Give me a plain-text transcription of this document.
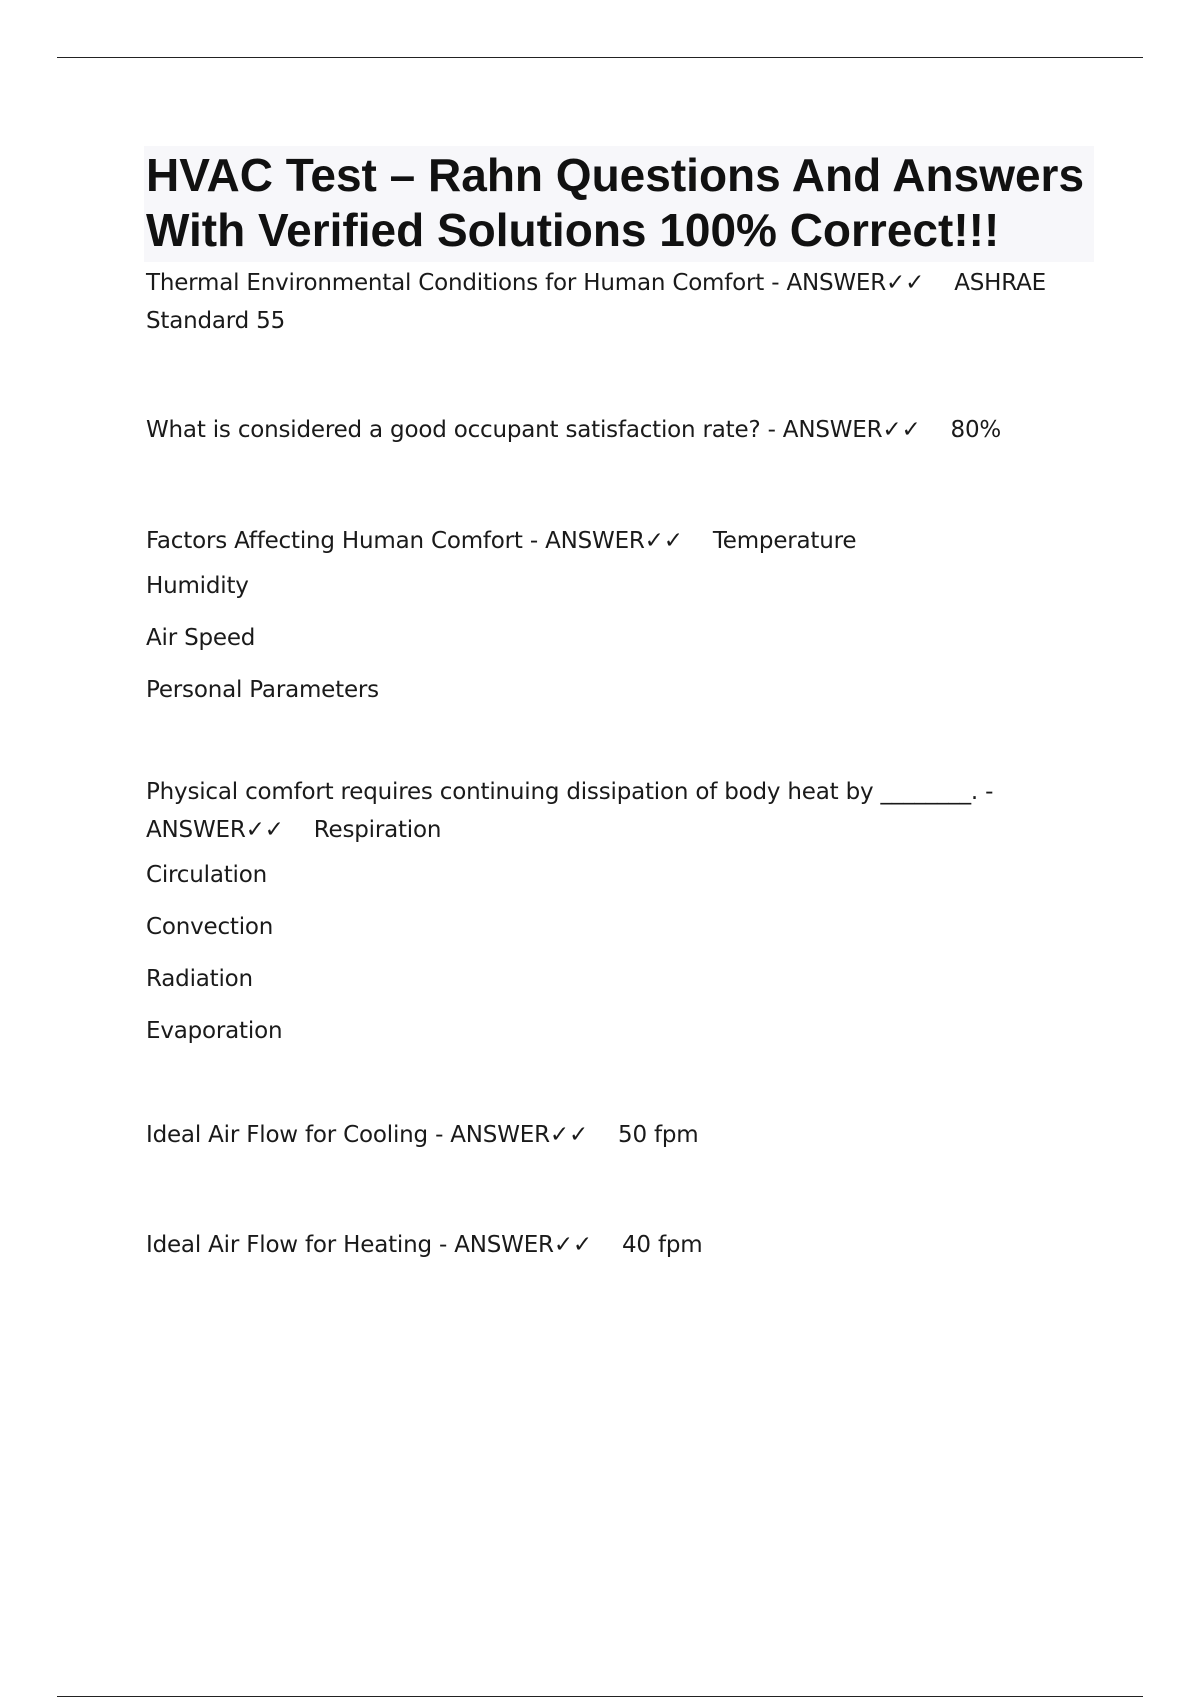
HVAC Test – Rahn Questions And Answers With Verified Solutions 100% Correct!!!

Thermal Environmental Conditions for Human Comfort - ANSWER✓✓ ASHRAE Standard 55

What is considered a good occupant satisfaction rate? - ANSWER✓✓ 80%

Factors Affecting Human Comfort - ANSWER✓✓ Temperature

Humidity

Air Speed

Personal Parameters

Physical comfort requires continuing dissipation of body heat by ________. - ANSWER✓✓ Respiration

Circulation

Convection

Radiation

Evaporation

Ideal Air Flow for Cooling - ANSWER✓✓ 50 fpm

Ideal Air Flow for Heating - ANSWER✓✓ 40 fpm
